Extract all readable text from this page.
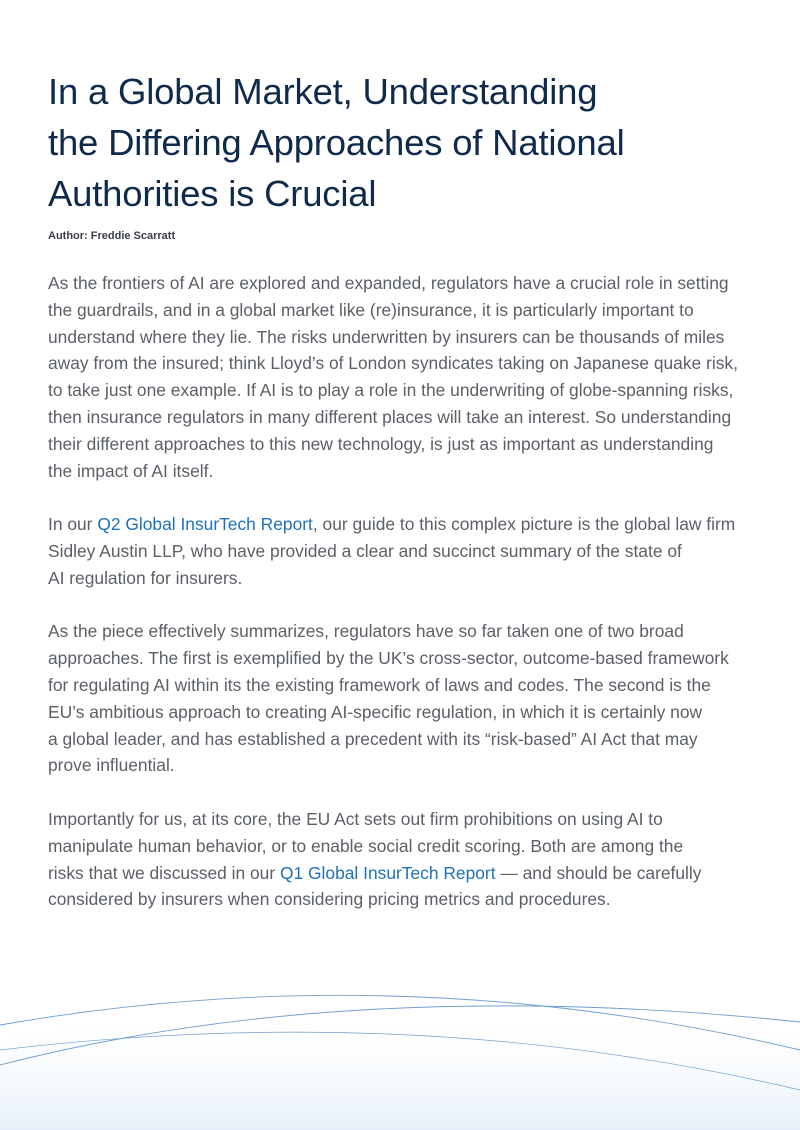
In a Global Market, Understanding
the Differing Approaches of National
Authorities is Crucial
Author: Freddie Scarratt

As the frontiers of AI are explored and expanded, regulators have a crucial role in setting
the guardrails, and in a global market like (re)insurance, it is particularly important to
understand where they lie. The risks underwritten by insurers can be thousands of miles
away from the insured; think Lloyd’s of London syndicates taking on Japanese quake risk,
to take just one example. If AI is to play a role in the underwriting of globe-spanning risks,
then insurance regulators in many different places will take an interest. So understanding
their different approaches to this new technology, is just as important as understanding
the impact of AI itself.

In our Q2 Global InsurTech Report, our guide to this complex picture is the global law firm
Sidley Austin LLP, who have provided a clear and succinct summary of the state of
AI regulation for insurers.

As the piece effectively summarizes, regulators have so far taken one of two broad
approaches. The first is exemplified by the UK’s cross-sector, outcome-based framework
for regulating AI within its the existing framework of laws and codes. The second is the
EU’s ambitious approach to creating AI-specific regulation, in which it is certainly now
a global leader, and has established a precedent with its “risk-based” AI Act that may
prove influential.

Importantly for us, at its core, the EU Act sets out firm prohibitions on using AI to
manipulate human behavior, or to enable social credit scoring. Both are among the
risks that we discussed in our Q1 Global InsurTech Report — and should be carefully
considered by insurers when considering pricing metrics and procedures.
